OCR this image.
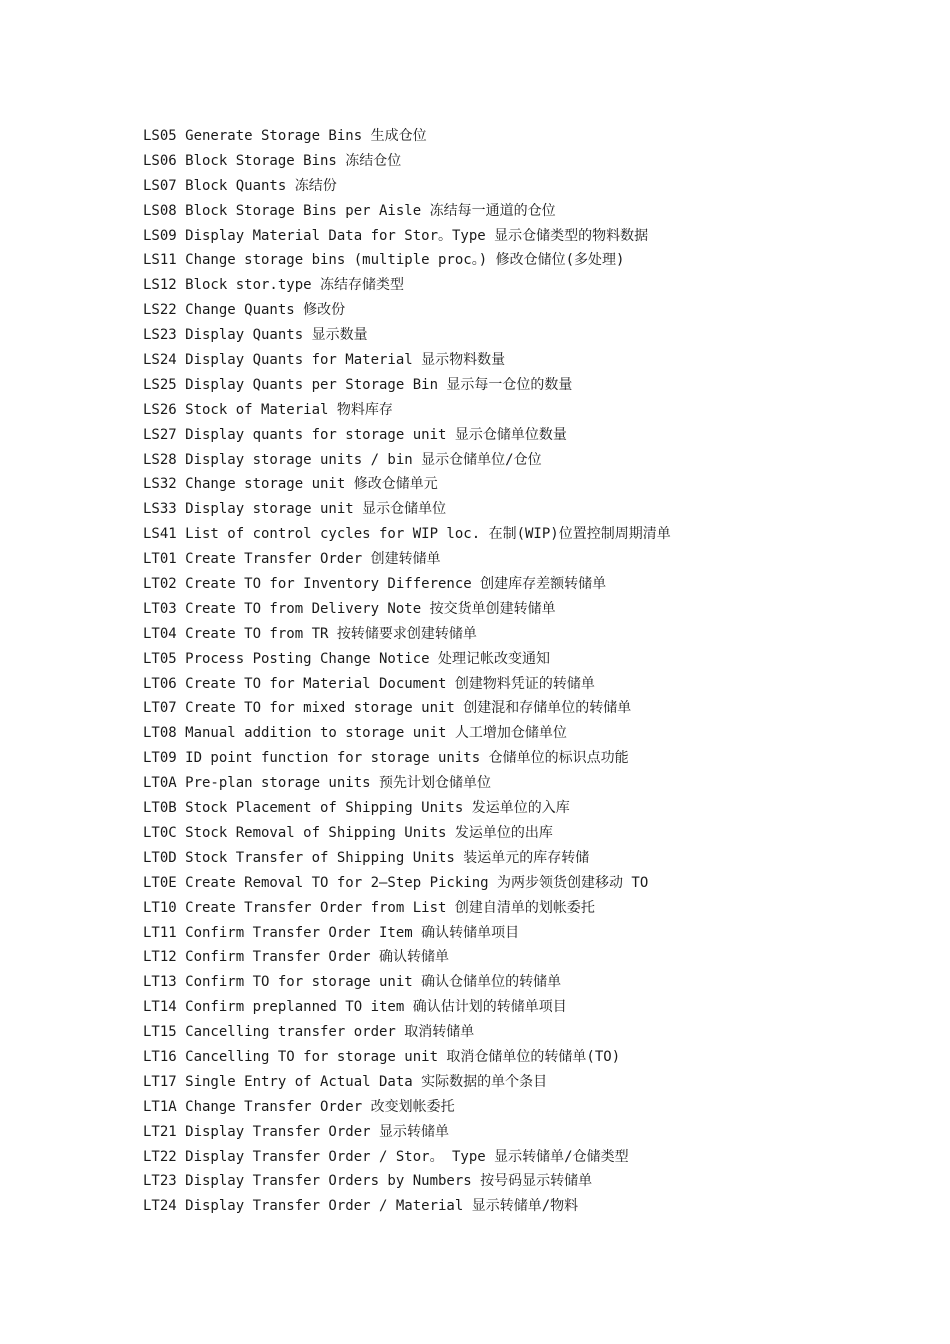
LS05 Generate Storage Bins 生成仓位
LS06 Block Storage Bins 冻结仓位
LS07 Block Quants 冻结份
LS08 Block Storage Bins per Aisle 冻结每一通道的仓位
LS09 Display Material Data for Stor。Type 显示仓储类型的物料数据
LS11 Change storage bins (multiple proc。) 修改仓储位(多处理)
LS12 Block stor.type 冻结存储类型
LS22 Change Quants 修改份
LS23 Display Quants 显示数量
LS24 Display Quants for Material 显示物料数量
LS25 Display Quants per Storage Bin 显示每一仓位的数量
LS26 Stock of Material 物料库存
LS27 Display quants for storage unit 显示仓储单位数量
LS28 Display storage units / bin 显示仓储单位/仓位
LS32 Change storage unit 修改仓储单元
LS33 Display storage unit 显示仓储单位
LS41 List of control cycles for WIP loc. 在制(WIP)位置控制周期清单
LT01 Create Transfer Order 创建转储单
LT02 Create TO for Inventory Difference 创建库存差额转储单
LT03 Create TO from Delivery Note 按交货单创建转储单
LT04 Create TO from TR 按转储要求创建转储单
LT05 Process Posting Change Notice 处理记帐改变通知
LT06 Create TO for Material Document 创建物料凭证的转储单
LT07 Create TO for mixed storage unit 创建混和存储单位的转储单
LT08 Manual addition to storage unit 人工增加仓储单位
LT09 ID point function for storage units 仓储单位的标识点功能
LT0A Pre-plan storage units 预先计划仓储单位
LT0B Stock Placement of Shipping Units 发运单位的入库
LT0C Stock Removal of Shipping Units 发运单位的出库
LT0D Stock Transfer of Shipping Units 装运单元的库存转储
LT0E Create Removal TO for 2—Step Picking 为两步领货创建移动 TO
LT10 Create Transfer Order from List 创建自清单的划帐委托
LT11 Confirm Transfer Order Item 确认转储单项目
LT12 Confirm Transfer Order 确认转储单
LT13 Confirm TO for storage unit 确认仓储单位的转储单
LT14 Confirm preplanned TO item 确认估计划的转储单项目
LT15 Cancelling transfer order 取消转储单
LT16 Cancelling TO for storage unit 取消仓储单位的转储单(TO)
LT17 Single Entry of Actual Data 实际数据的单个条目
LT1A Change Transfer Order 改变划帐委托
LT21 Display Transfer Order 显示转储单
LT22 Display Transfer Order / Stor。 Type 显示转储单/仓储类型
LT23 Display Transfer Orders by Numbers 按号码显示转储单
LT24 Display Transfer Order / Material 显示转储单/物料
